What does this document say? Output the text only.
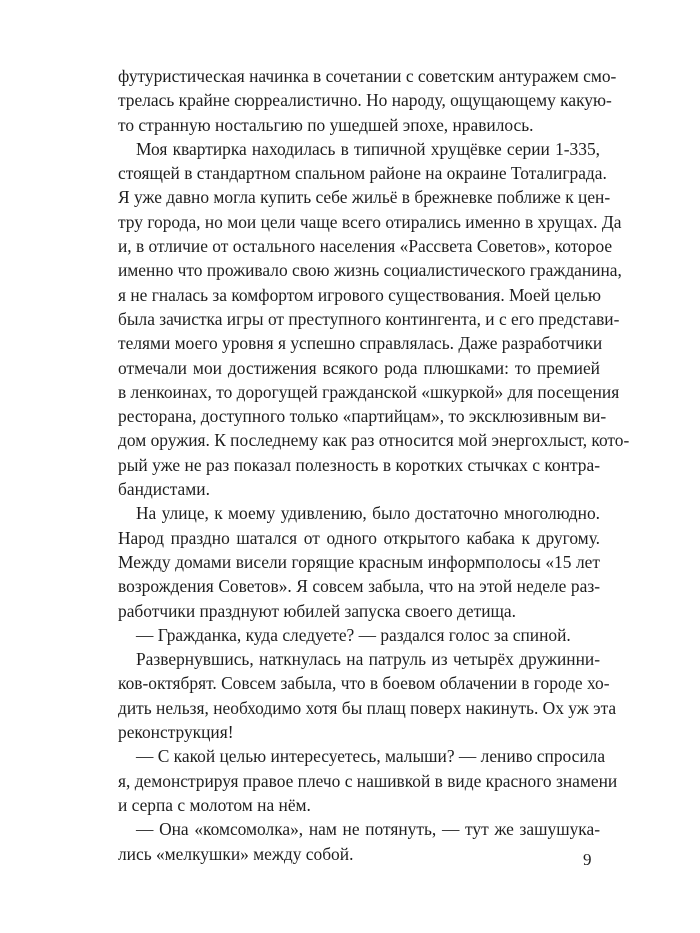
футуристическая начинка в сочетании с советским антуражем смо-
трелась крайне сюрреалистично. Но народу, ощущающему какую-
то странную ностальгию по ушедшей эпохе, нравилось.
Моя квартирка находилась в типичной хрущёвке серии 1-335,
стоящей в стандартном спальном районе на окраине Тоталиграда.
Я уже давно могла купить себе жильё в брежневке поближе к цен-
тру города, но мои цели чаще всего отирались именно в хрущах. Да
и, в отличие от остального населения «Рассвета Советов», которое
именно что проживало свою жизнь социалистического гражданина,
я не гналась за комфортом игрового существования. Моей целью
была зачистка игры от преступного контингента, и с его представи-
телями моего уровня я успешно справлялась. Даже разработчики
отмечали мои достижения всякого рода плюшками: то премией
в ленкоинах, то дорогущей гражданской «шкуркой» для посещения
ресторана, доступного только «партийцам», то эксклюзивным ви-
дом оружия. К последнему как раз относится мой энергохлыст, кото-
рый уже не раз показал полезность в коротких стычках с контра-
бандистами.
На улице, к моему удивлению, было достаточно многолюдно.
Народ праздно шатался от одного открытого кабака к другому.
Между домами висели горящие красным информполосы «15 лет
возрождения Советов». Я совсем забыла, что на этой неделе раз-
работчики празднуют юбилей запуска своего детища.
— Гражданка, куда следуете? — раздался голос за спиной.
Развернувшись, наткнулась на патруль из четырёх дружинни-
ков-октябрят. Совсем забыла, что в боевом облачении в городе хо-
дить нельзя, необходимо хотя бы плащ поверх накинуть. Ох уж эта
реконструкция!
— С какой целью интересуетесь, малыши? — лениво спросила
я, демонстрируя правое плечо с нашивкой в виде красного знамени
и серпа с молотом на нём.
— Она «комсомолка», нам не потянуть, — тут же зашушука-
лись «мелкушки» между собой.	9
